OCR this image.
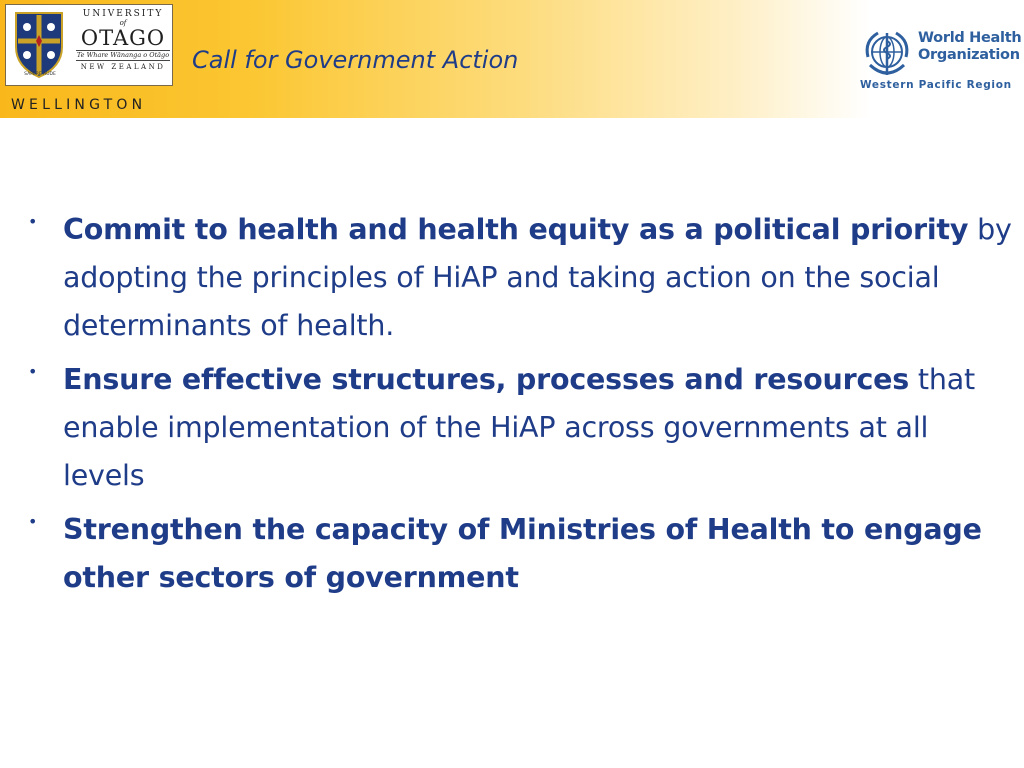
SAPERE AUDE
UNIVERSITY
of
OTAGO
Te Whare Wānanga o Otāgo
NEW ZEALAND
WELLINGTON
Call for Government Action
World Health
Organization
Western Pacific Region
• Commit to health and health equity as a political priority by adopting the principles of HiAP and taking action on the social determinants of health.
• Ensure effective structures, processes and resources that enable implementation of the HiAP across governments at all levels
• Strengthen the capacity of Ministries of Health to engage other sectors of government
